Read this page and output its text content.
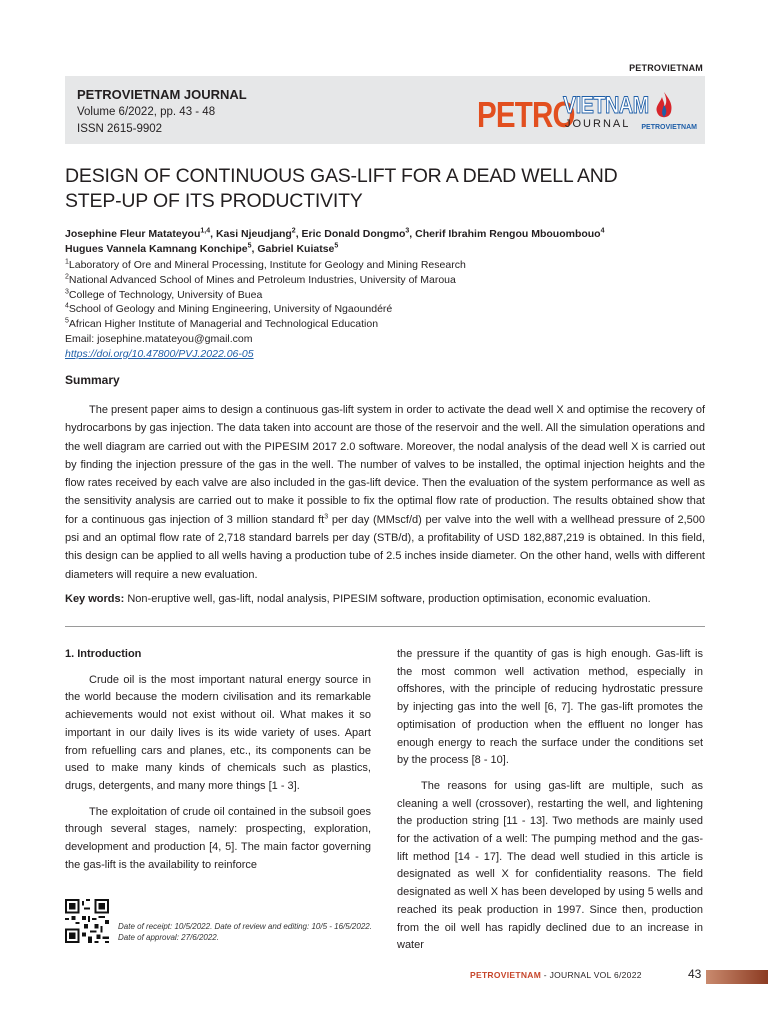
PETROVIETNAM
PETROVIETNAM JOURNAL
Volume 6/2022, pp. 43 - 48
ISSN 2615-9902	PETRO
VIETNAM
JOURNAL PETROVIETNAM
DESIGN OF CONTINUOUS GAS-LIFT FOR A DEAD WELL AND
STEP-UP OF ITS PRODUCTIVITY
Josephine Fleur Matateyou$^{1,4}$, Kasi Njeudjang$^2$, Eric Donald Dongmo$^3$, Cherif Ibrahim Rengou Mbouombouo$^4$
Hugues Vannela Kamnang Konchipe$^5$, Gabriel Kuiatse$^5$
$^1$Laboratory of Ore and Mineral Processing, Institute for Geology and Mining Research
$^2$National Advanced School of Mines and Petroleum Industries, University of Maroua
$^3$College of Technology, University of Buea
$^4$School of Geology and Mining Engineering, University of Ngaoundéré
$^5$African Higher Institute of Managerial and Technological Education
Email: josephine.matateyou@gmail.com
https://doi.org/10.47800/PVJ.2022.06-05
Summary
The present paper aims to design a continuous gas-lift system in order to activate the dead well X and optimise the recovery of hydrocarbons by gas injection. The data taken into account are those of the reservoir and the well. All the simulation operations and the well diagram are carried out with the PIPESIM 2017 2.0 software. Moreover, the nodal analysis of the dead well X is carried out by finding the injection pressure of the gas in the well. The number of valves to be installed, the optimal injection heights and the flow rates received by each valve are also included in the gas-lift device. Then the evaluation of the system performance as well as the sensitivity analysis are carried out to make it possible to fix the optimal flow rate of production. The results obtained show that for a continuous gas injection of 3 million standard $ft^3$ per day (MMscf/d) per valve into the well with a wellhead pressure of 2,500 psi and an optimal flow rate of 2,718 standard barrels per day (STB/d), a profitability of USD 182,887,219 is obtained. In this field, this design can be applied to all wells having a production tube of 2.5 inches inside diameter. On the other hand, wells with different diameters will require a new evaluation.
Key words: Non-eruptive well, gas-lift, nodal analysis, PIPESIM software, production optimisation, economic evaluation.

1. Introduction

Crude oil is the most important natural energy source in the world because the modern civilisation and its remarkable achievements would not exist without oil. What makes it so important in our daily lives is its wide variety of uses. Apart from refuelling cars and planes, etc., its components can be used to make many kinds of chemicals such as plastics, drugs, detergents, and many more things [1 - 3].

The exploitation of crude oil contained in the subsoil goes through several stages, namely: prospecting, exploration, development and production [4, 5]. The main factor governing the gas-lift is the availability to reinforce

the pressure if the quantity of gas is high enough. Gas-lift is the most common well activation method, especially in offshores, with the principle of reducing hydrostatic pressure by injecting gas into the well [6, 7]. The gas-lift promotes the optimisation of production when the effluent no longer has enough energy to reach the surface under the conditions set by the process [8 - 10].

The reasons for using gas-lift are multiple, such as cleaning a well (crossover), restarting the well, and lightening the production string [11 - 13]. Two methods are mainly used for the activation of a well: The pumping method and the gas-lift method [14 - 17]. The dead well studied in this article is designated as well X for confidentiality reasons. The field designated as well X has been developed by using 5 wells and reached its peak production in 1997. Since then, production from the oil well has rapidly declined due to an increase in water

Date of receipt: 10/5/2022. Date of review and editing: 10/5 - 16/5/2022.
Date of approval: 27/6/2022.
PETROVIETNAM - JOURNAL VOL 6/2022	43
